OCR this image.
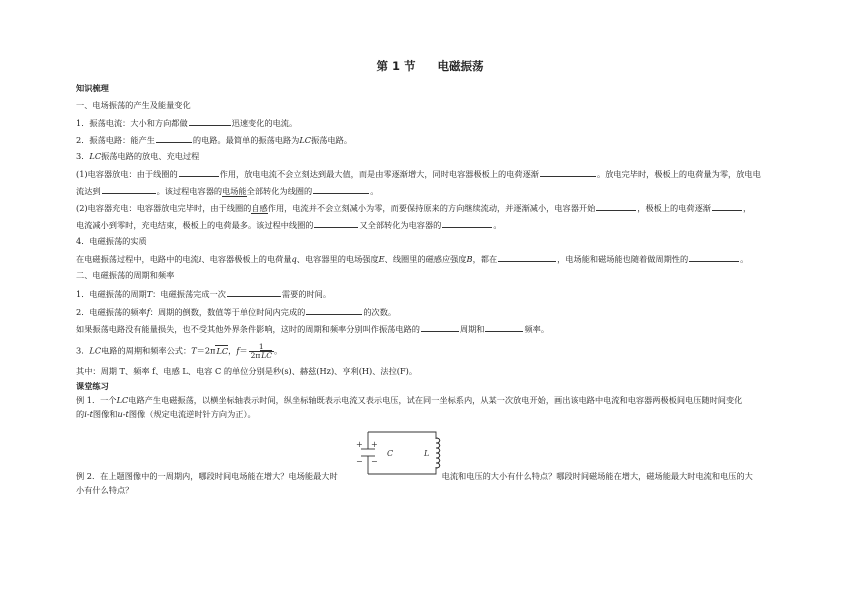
第 1 节 电磁振荡
知识梳理
一、电场振荡的产生及能量变化
1．振荡电流：大小和方向都做	迅速变化的电流。
2．振荡电路：能产生	的电路。最简单的振荡电路为LC振荡电路。
3．LC振荡电路的放电、充电过程
(1)电容器放电：由于线圈的	作用，放电电流不会立刻达到最大值，而是由零逐渐增大，同时电容器极板上的电荷逐渐	。放电完毕时，极板上的电荷量为零，放电电
流达到	。该过程电容器的电场能全部转化为线圈的	。
(2)电容器充电：电容器放电完毕时，由于线圈的自感作用，电流并不会立刻减小为零，而要保持原来的方向继续流动，并逐渐减小，电容器开始	，极板上的电荷逐渐	，
电流减小到零时，充电结束，极板上的电荷最多。该过程中线圈的	又全部转化为电容器的	。
4．电磁振荡的实质
在电磁振荡过程中，电路中的电流i、电容器极板上的电荷量q、电容器里的电场强度E、线圈里的磁感应强度B，都在	，电场能和磁场能也随着做周期性的	。
二、电磁振荡的周期和频率
1．电磁振荡的周期T：电磁振荡完成一次	需要的时间。
2．电磁振荡的频率f：周期的倒数，数值等于单位时间内完成的	的次数。
如果振荡电路没有能量损失，也不受其他外界条件影响，这时的周期和频率分别叫作振荡电路的	周期和	频率。
3．LC电路的周期和频率公式：T＝2πLC，$f= \frac{1}{\text{2πLC}}$ 。
其中：周期 T、频率 f、电感 L、电容 C 的单位分别是秒(s)、赫兹(Hz)、亨利(H)、法拉(F)。
课堂练习
例 1．一个LC电路产生电磁振荡，以横坐标轴表示时间，纵坐标轴既表示电流又表示电压，试在同一坐标系内，从某一次放电开始，画出该电路中电流和电容器两极板间电压随时间变化
的i-t图像和u-t图像（规定电流逆时针方向为正）。
+ +
− −
C	L
例 2．在上题图像中的一周期内，哪段时间电场能在增大？电场能最大时	电流和电压的大小有什么特点？哪段时间磁场能在增大，磁场能最大时电流和电压的大
小有什么特点？
